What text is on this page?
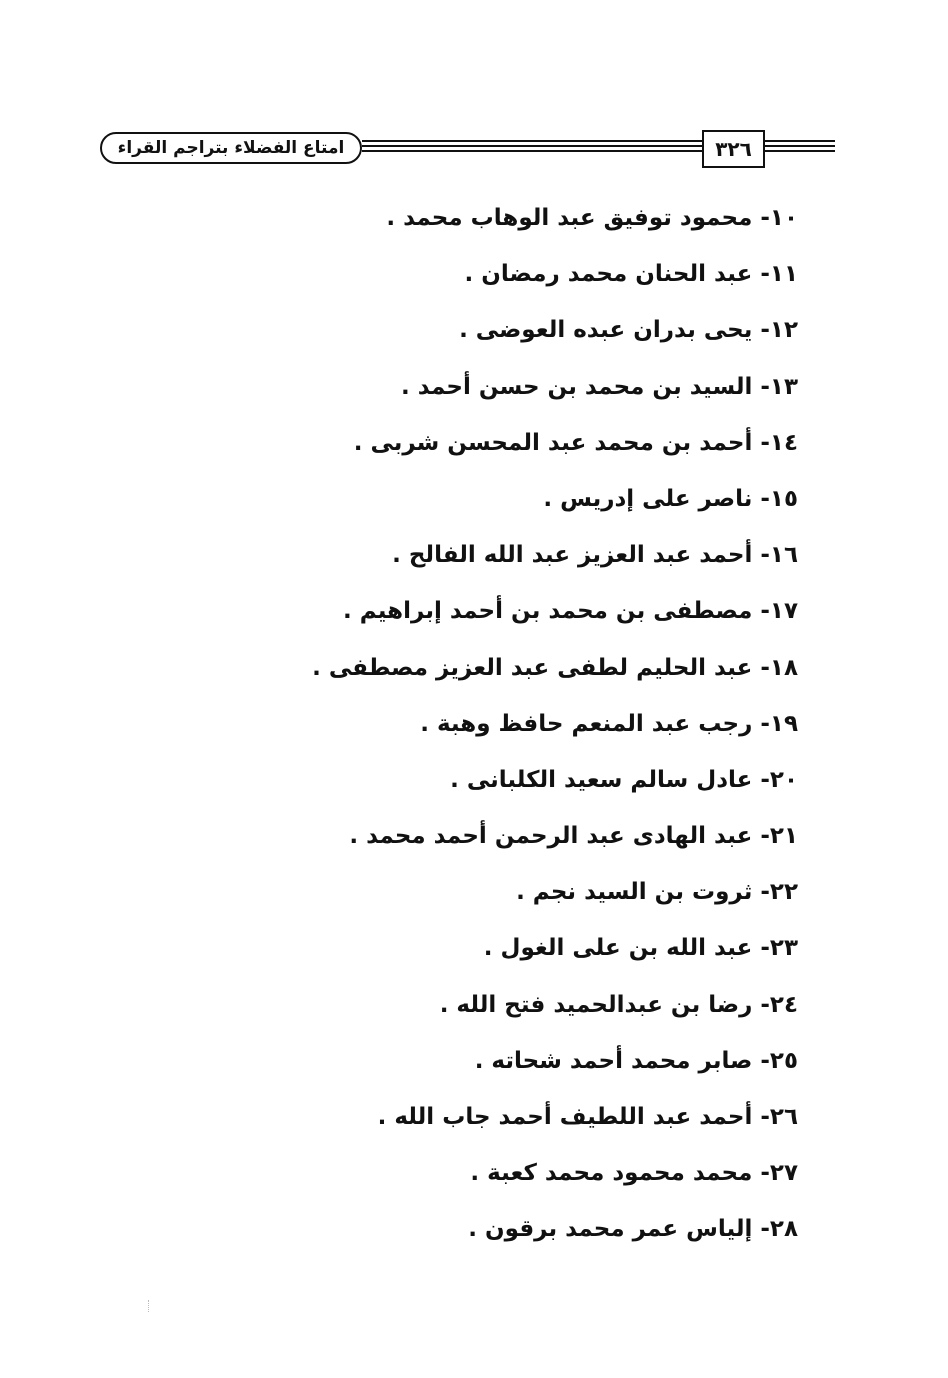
امتاع الفضلاء بتراجم القراء	٣٢٦
١٠- محمود توفيق عبد الوهاب محمد .
١١- عبد الحنان محمد رمضان .
١٢- يحى بدران عبده العوضى .
١٣- السيد بن محمد بن حسن أحمد .
١٤- أحمد بن محمد عبد المحسن شربى .
١٥- ناصر على إدريس .
١٦- أحمد عبد العزيز عبد الله الفالح .
١٧- مصطفى بن محمد بن أحمد إبراهيم .
١٨- عبد الحليم لطفى عبد العزيز مصطفى .
١٩- رجب عبد المنعم حافظ وهبة .
٢٠- عادل سالم سعيد الكلبانى .
٢١- عبد الهادى عبد الرحمن أحمد محمد .
٢٢- ثروت بن السيد نجم .
٢٣- عبد الله بن على الغول .
٢٤- رضا بن عبدالحميد فتح الله .
٢٥- صابر محمد أحمد شحاته .
٢٦- أحمد عبد اللطيف أحمد جاب الله .
٢٧- محمد محمود محمد كعبة .
٢٨- إلياس عمر محمد برقون .
